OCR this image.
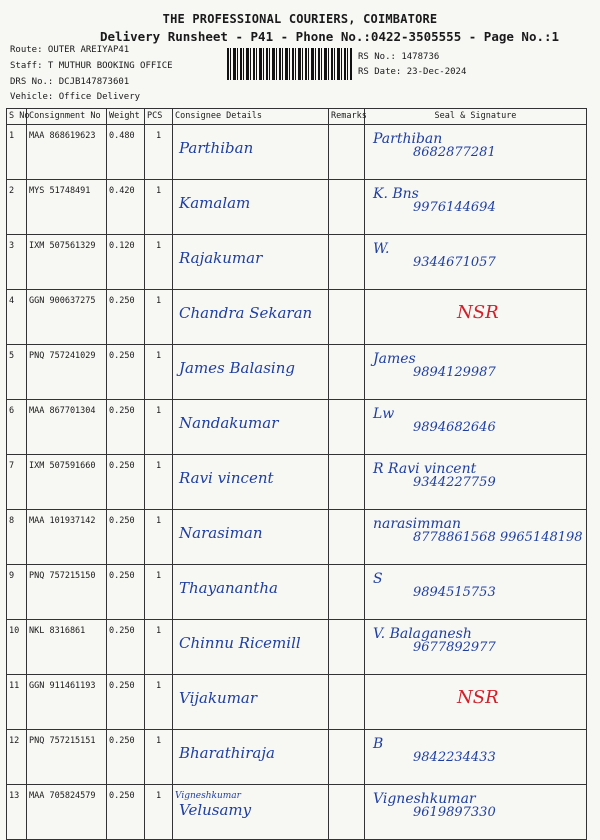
THE PROFESSIONAL COURIERS, COIMBATORE
Delivery Runsheet - P41 - Phone No.:0422-3505555 - Page No.:1
Route: OUTER AREIYAP41
Staff: T MUTHUR BOOKING OFFICE
DRS No.: DCJB147873601
Vehicle: Office Delivery
RS No.: 1478736
RS Date: 23-Dec-2024
S No	Consignment No	Weight	PCS	Consignee Details	Remarks	Seal & Signature
1	MAA 868619623	0.480	1	Parthiban		Parthiban
8682877281

2	MYS 51748491	0.420	1	Kamalam		K. Bns
9976144694

3	IXM 507561329	0.120	1	Rajakumar		W.
9344671057

4	GGN 900637275	0.250	1	Chandra Sekaran		NSR

5	PNQ 757241029	0.250	1	James Balasing		James
9894129987

6	MAA 867701304	0.250	1	Nandakumar		Lw
9894682646

7	IXM 507591660	0.250	1	Ravi vincent		R Ravi vincent
9344227759

8	MAA 101937142	0.250	1	Narasiman		narasimman
8778861568 9965148198

9	PNQ 757215150	0.250	1	Thayanantha		S
9894515753

10	NKL 8316861	0.250	1	Chinnu Ricemill		V. Balaganesh
9677892977

11	GGN 911461193	0.250	1	Vijakumar		NSR

12	PNQ 757215151	0.250	1	Bharathiraja		B
9842234433

13	MAA 705824579	0.250	1	Vigneshkumar
Velusamy		Vigneshkumar
9619897330
